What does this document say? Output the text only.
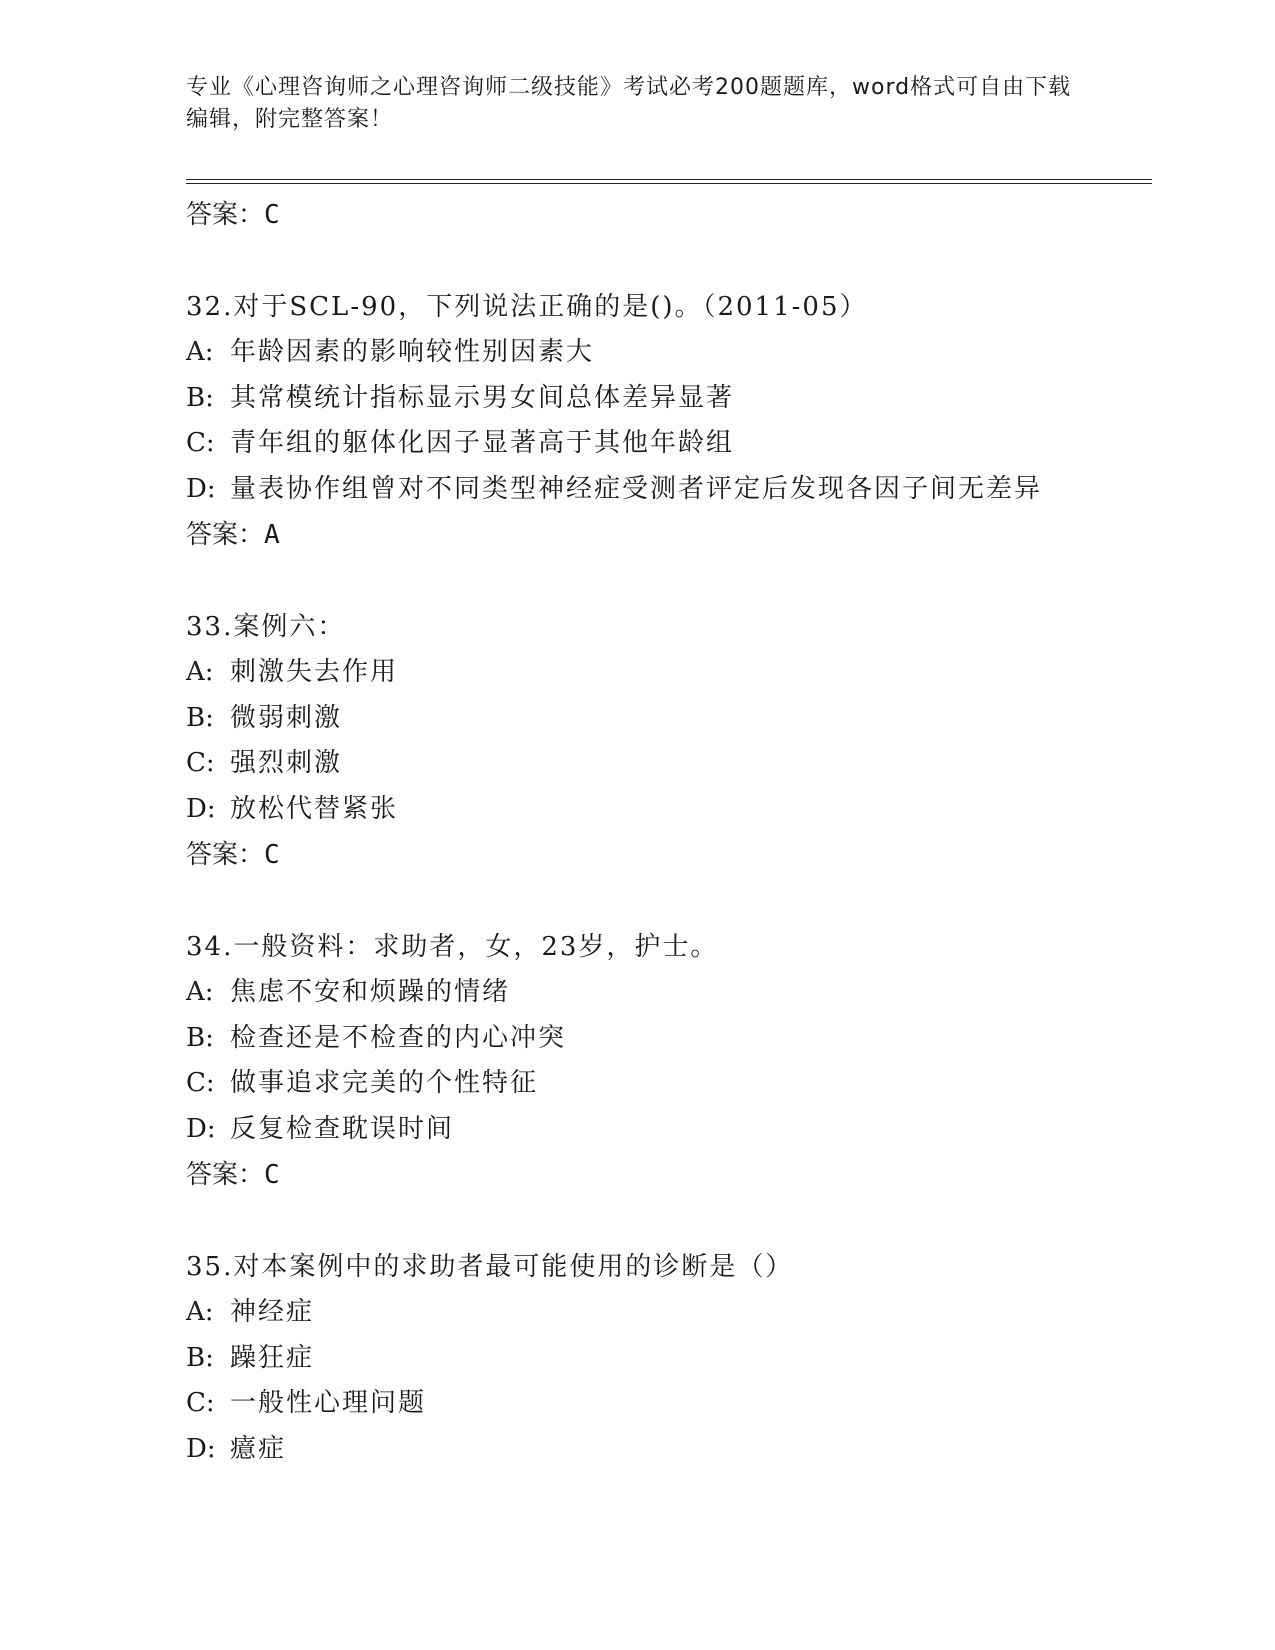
专业《心理咨询师之心理咨询师二级技能》考试必考200题题库，word格式可自由下载编辑，附完整答案！
答案：C
32.对于SCL-90，下列说法正确的是()。（2011-05）
A: 年龄因素的影响较性别因素大
B: 其常模统计指标显示男女间总体差异显著
C: 青年组的躯体化因子显著高于其他年龄组
D: 量表协作组曾对不同类型神经症受测者评定后发现各因子间无差异
答案：A
33.案例六：
A: 刺激失去作用
B: 微弱刺激
C: 强烈刺激
D: 放松代替紧张
答案：C
34.一般资料：求助者，女，23岁，护士。
A: 焦虑不安和烦躁的情绪
B: 检查还是不检查的内心冲突
C: 做事追求完美的个性特征
D: 反复检查耽误时间
答案：C
35.对本案例中的求助者最可能使用的诊断是（）
A: 神经症
B: 躁狂症
C: 一般性心理问题
D: 癔症
